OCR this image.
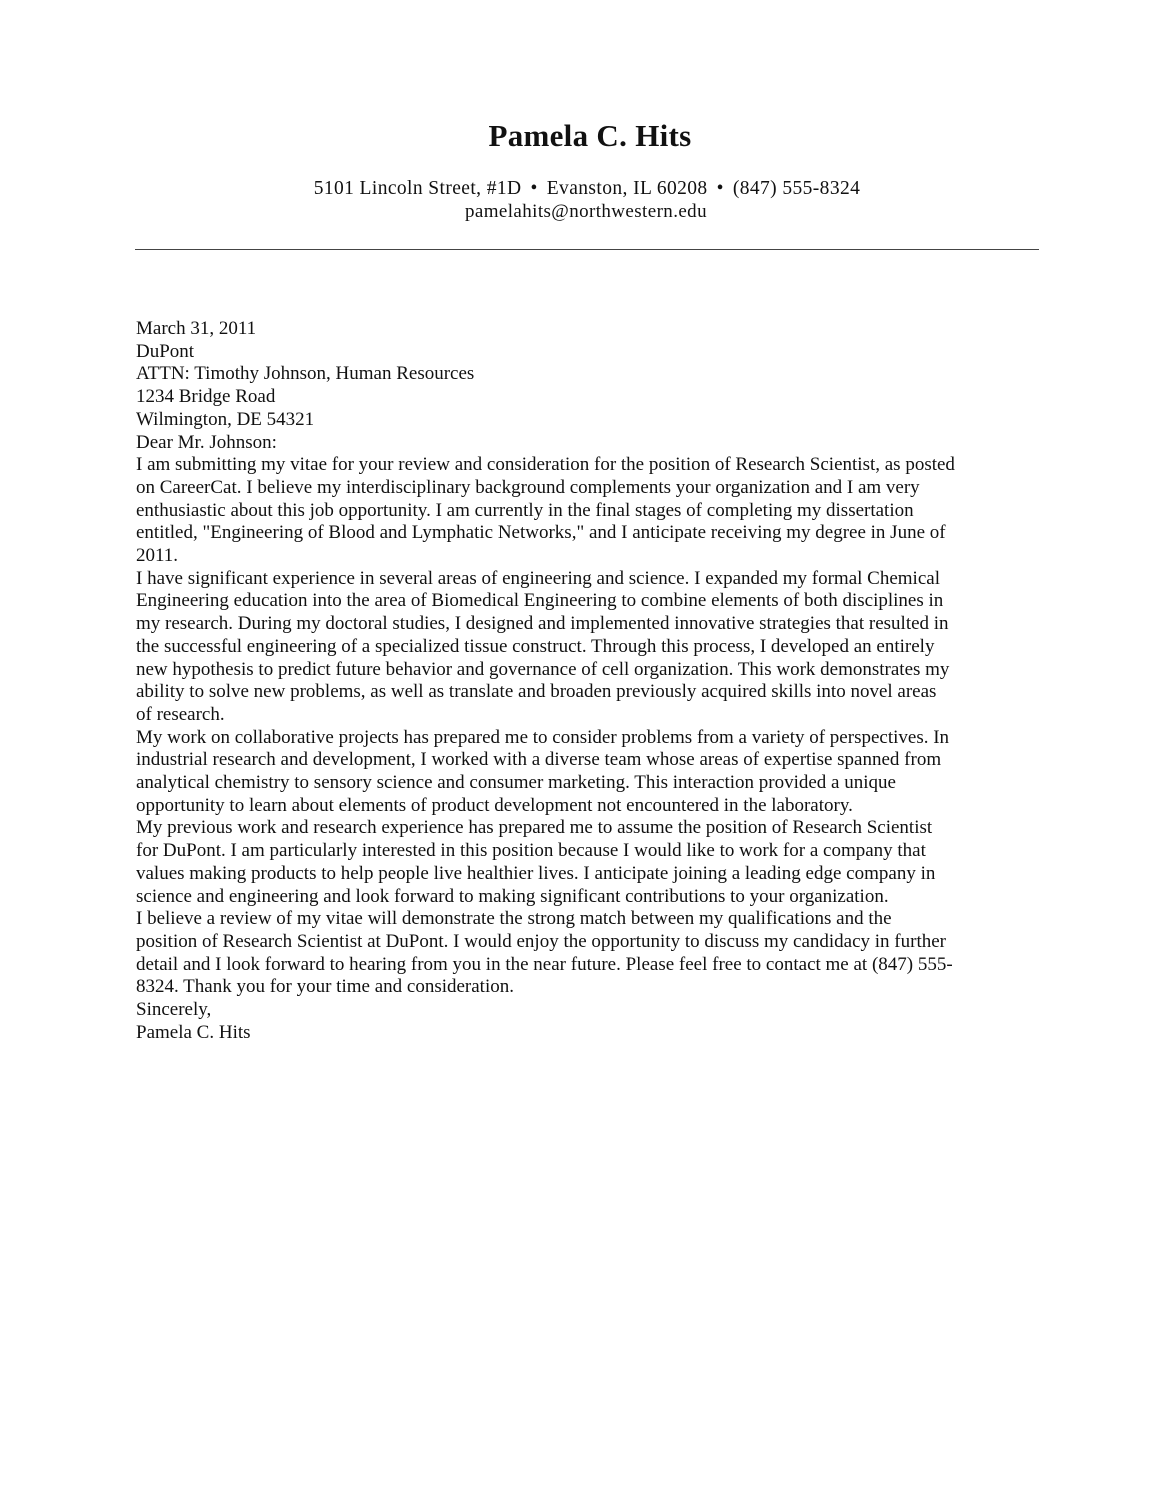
Pamela C. Hits
5101 Lincoln Street, #1D • Evanston, IL 60208 • (847) 555-8324
pamelahits@northwestern.edu
March 31, 2011
DuPont
ATTN: Timothy Johnson, Human Resources
1234 Bridge Road
Wilmington, DE 54321
Dear Mr. Johnson:
I am submitting my vitae for your review and consideration for the position of Research Scientist, as posted
on CareerCat. I believe my interdisciplinary background complements your organization and I am very
enthusiastic about this job opportunity. I am currently in the final stages of completing my dissertation
entitled, "Engineering of Blood and Lymphatic Networks," and I anticipate receiving my degree in June of
2011.
I have significant experience in several areas of engineering and science. I expanded my formal Chemical
Engineering education into the area of Biomedical Engineering to combine elements of both disciplines in
my research. During my doctoral studies, I designed and implemented innovative strategies that resulted in
the successful engineering of a specialized tissue construct. Through this process, I developed an entirely
new hypothesis to predict future behavior and governance of cell organization. This work demonstrates my
ability to solve new problems, as well as translate and broaden previously acquired skills into novel areas
of research.
My work on collaborative projects has prepared me to consider problems from a variety of perspectives. In
industrial research and development, I worked with a diverse team whose areas of expertise spanned from
analytical chemistry to sensory science and consumer marketing. This interaction provided a unique
opportunity to learn about elements of product development not encountered in the laboratory.
My previous work and research experience has prepared me to assume the position of Research Scientist
for DuPont. I am particularly interested in this position because I would like to work for a company that
values making products to help people live healthier lives. I anticipate joining a leading edge company in
science and engineering and look forward to making significant contributions to your organization.
I believe a review of my vitae will demonstrate the strong match between my qualifications and the
position of Research Scientist at DuPont. I would enjoy the opportunity to discuss my candidacy in further
detail and I look forward to hearing from you in the near future. Please feel free to contact me at (847) 555-
8324. Thank you for your time and consideration.
Sincerely,
Pamela C. Hits
